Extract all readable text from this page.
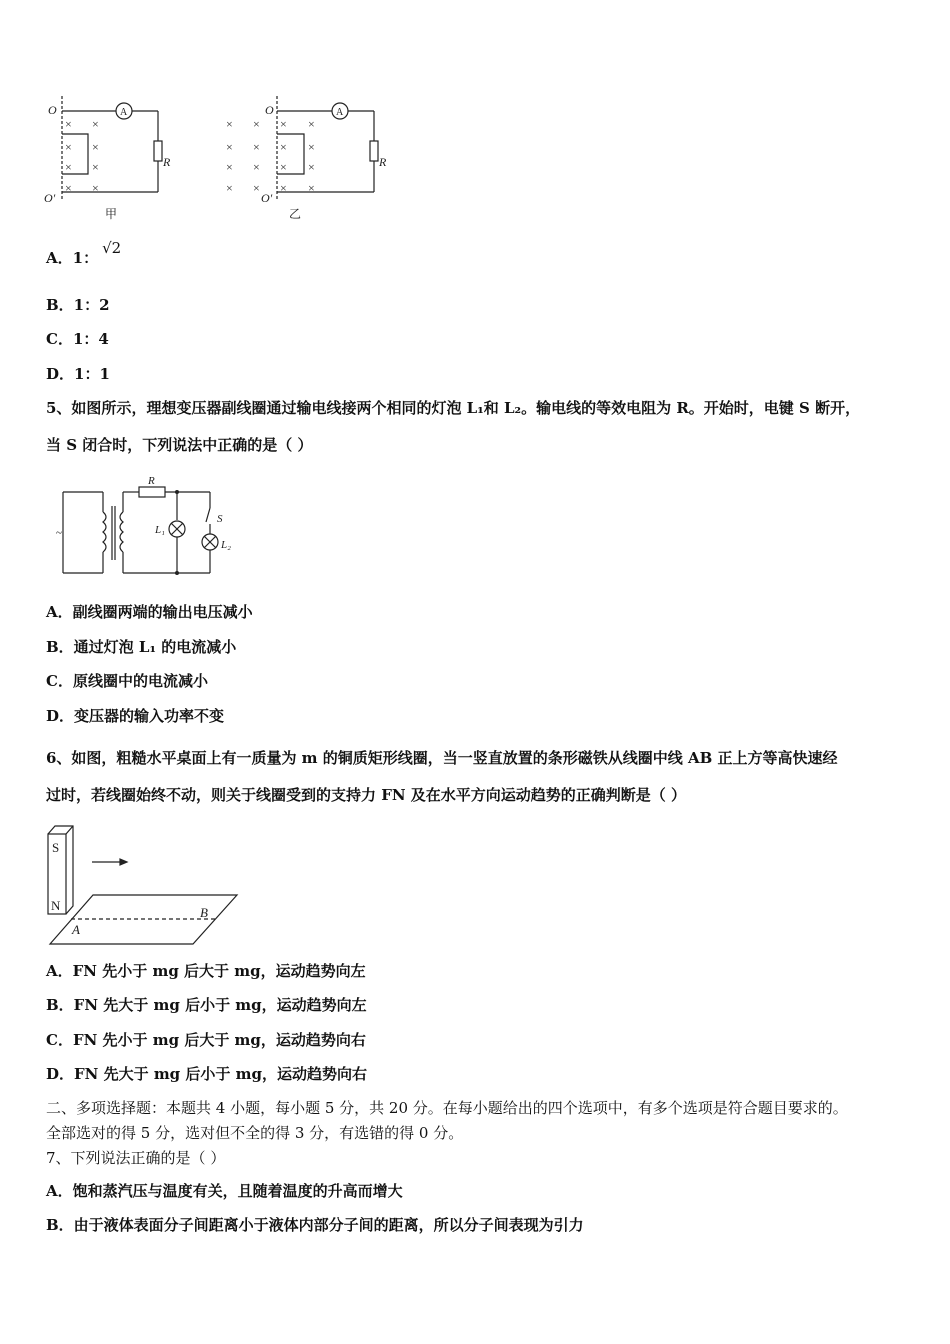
A
O
O′
R
甲
× ×
× ×
× ×
× ×
A
O
O′
R
乙
× ×
× ×
× ×
× ×
× ×
× ×
× ×
× ×
A．1：√2
B．1：2
C．1：4
D．1：1
5、如图所示，理想变压器副线圈通过输电线接两个相同的灯泡 L₁和 L₂。输电线的等效电阻为 R。开始时，电键 S 断开，
当 S 闭合时，下列说法中正确的是（ ）
R
S
L₁
L₂
~
A．副线圈两端的输出电压减小
B．通过灯泡 L₁ 的电流减小
C．原线圈中的电流减小
D．变压器的输入功率不变
6、如图，粗糙水平桌面上有一质量为 m 的铜质矩形线圈，当一竖直放置的条形磁铁从线圈中线 AB 正上方等高快速经
过时，若线圈始终不动，则关于线圈受到的支持力 FN 及在水平方向运动趋势的正确判断是（ ）
S
N
A
B
A．FN 先小于 mg 后大于 mg，运动趋势向左
B．FN 先大于 mg 后小于 mg，运动趋势向左
C．FN 先小于 mg 后大于 mg，运动趋势向右
D．FN 先大于 mg 后小于 mg，运动趋势向右
二、多项选择题：本题共 4 小题，每小题 5 分，共 20 分。在每小题给出的四个选项中，有多个选项是符合题目要求的。
全部选对的得 5 分，选对但不全的得 3 分，有选错的得 0 分。
7、下列说法正确的是（ ）
A．饱和蒸汽压与温度有关，且随着温度的升高而增大
B．由于液体表面分子间距离小于液体内部分子间的距离，所以分子间表现为引力
